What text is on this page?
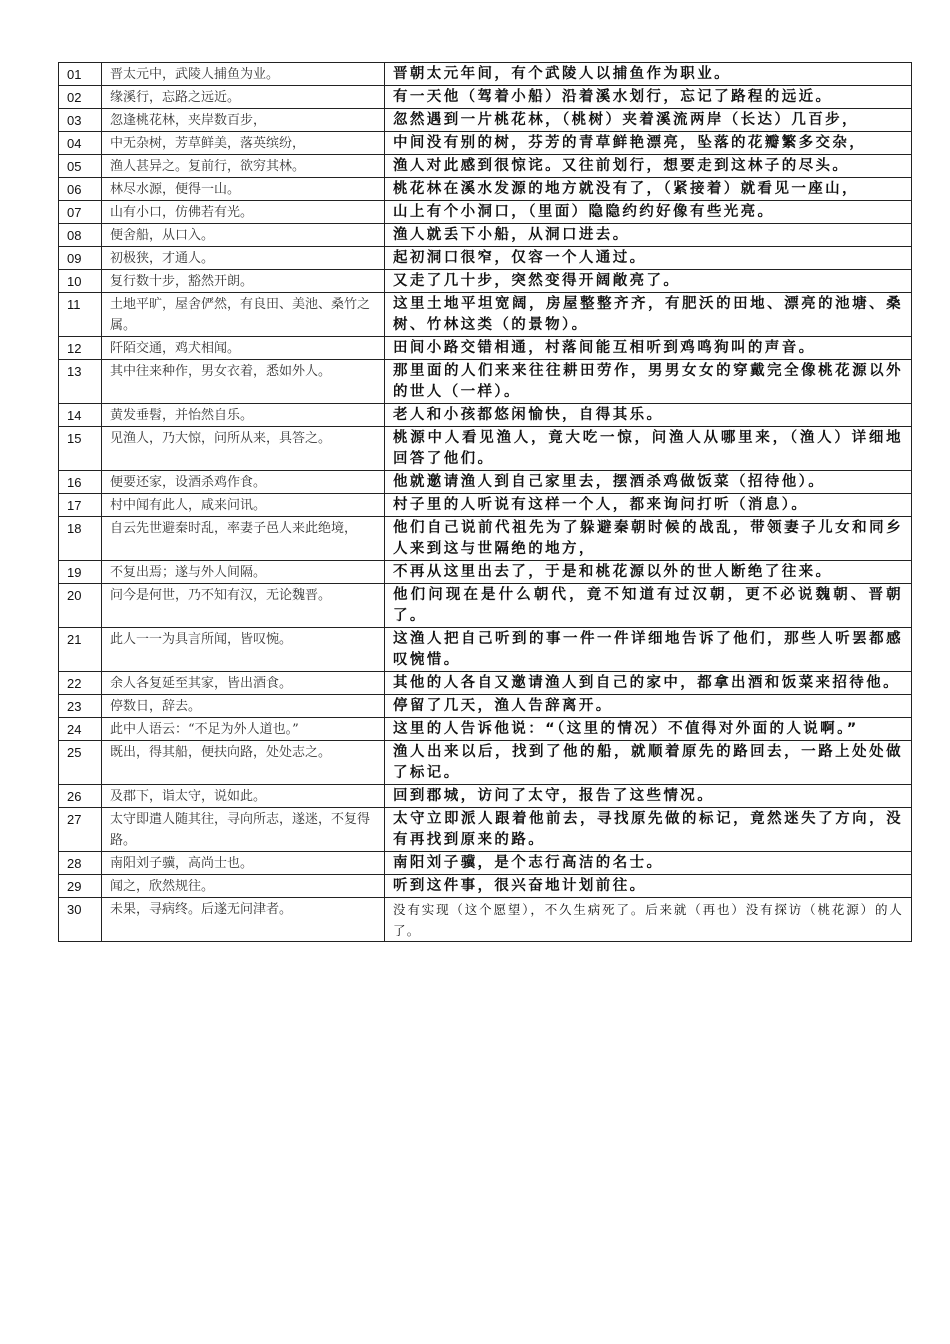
01	晋太元中，武陵人捕鱼为业。	晋朝太元年间，有个武陵人以捕鱼作为职业。
02	缘溪行，忘路之远近。	有一天他（驾着小船）沿着溪水划行，忘记了路程的远近。
03	忽逢桃花林，夹岸数百步，	忽然遇到一片桃花林，（桃树）夹着溪流两岸（长达）几百步，
04	中无杂树，芳草鲜美，落英缤纷，	中间没有别的树，芬芳的青草鲜艳漂亮，坠落的花瓣繁多交杂，
05	渔人甚异之。复前行，欲穷其林。	渔人对此感到很惊诧。又往前划行，想要走到这林子的尽头。
06	林尽水源，便得一山。	桃花林在溪水发源的地方就没有了，（紧接着）就看见一座山，
07	山有小口，仿佛若有光。	山上有个小洞口，（里面）隐隐约约好像有些光亮。
08	便舍船，从口入。	渔人就丢下小船，从洞口进去。
09	初极狭，才通人。	起初洞口很窄，仅容一个人通过。
10	复行数十步，豁然开朗。	又走了几十步，突然变得开阔敞亮了。
11	土地平旷，屋舍俨然，有良田、美池、桑竹之属。	这里土地平坦宽阔，房屋整整齐齐，有肥沃的田地、漂亮的池塘、桑树、竹林这类（的景物）。
12	阡陌交通，鸡犬相闻。	田间小路交错相通，村落间能互相听到鸡鸣狗叫的声音。
13	其中往来种作，男女衣着，悉如外人。	那里面的人们来来往往耕田劳作，男男女女的穿戴完全像桃花源以外的世人（一样）。
14	黄发垂髫，并怡然自乐。	老人和小孩都悠闲愉快，自得其乐。
15	见渔人，乃大惊，问所从来，具答之。	桃源中人看见渔人，竟大吃一惊，问渔人从哪里来，（渔人）详细地回答了他们。
16	便要还家，设酒杀鸡作食。	他就邀请渔人到自己家里去，摆酒杀鸡做饭菜（招待他）。
17	村中闻有此人，咸来问讯。	村子里的人听说有这样一个人，都来询问打听（消息）。
18	自云先世避秦时乱，率妻子邑人来此绝境，	他们自己说前代祖先为了躲避秦朝时候的战乱，带领妻子儿女和同乡人来到这与世隔绝的地方，
19	不复出焉；遂与外人间隔。	不再从这里出去了，于是和桃花源以外的世人断绝了往来。
20	问今是何世，乃不知有汉，无论魏晋。	他们问现在是什么朝代，竟不知道有过汉朝，更不必说魏朝、晋朝了。
21	此人一一为具言所闻，皆叹惋。	这渔人把自己听到的事一件一件详细地告诉了他们，那些人听罢都感叹惋惜。
22	余人各复延至其家，皆出酒食。	其他的人各自又邀请渔人到自己的家中，都拿出酒和饭菜来招待他。
23	停数日，辞去。	停留了几天，渔人告辞离开。
24	此中人语云：“不足为外人道也。”	这里的人告诉他说：“（这里的情况）不值得对外面的人说啊。”
25	既出，得其船，便扶向路，处处志之。	渔人出来以后，找到了他的船，就顺着原先的路回去，一路上处处做了标记。
26	及郡下，诣太守，说如此。	回到郡城，访问了太守，报告了这些情况。
27	太守即遣人随其往，寻向所志，遂迷，不复得路。	太守立即派人跟着他前去，寻找原先做的标记，竟然迷失了方向，没有再找到原来的路。
28	南阳刘子骥，高尚士也。	南阳刘子骥，是个志行高洁的名士。
29	闻之，欣然规往。	听到这件事，很兴奋地计划前往。
30	未果，寻病终。后遂无问津者。	没有实现（这个愿望），不久生病死了。后来就（再也）没有探访（桃花源）的人了。
